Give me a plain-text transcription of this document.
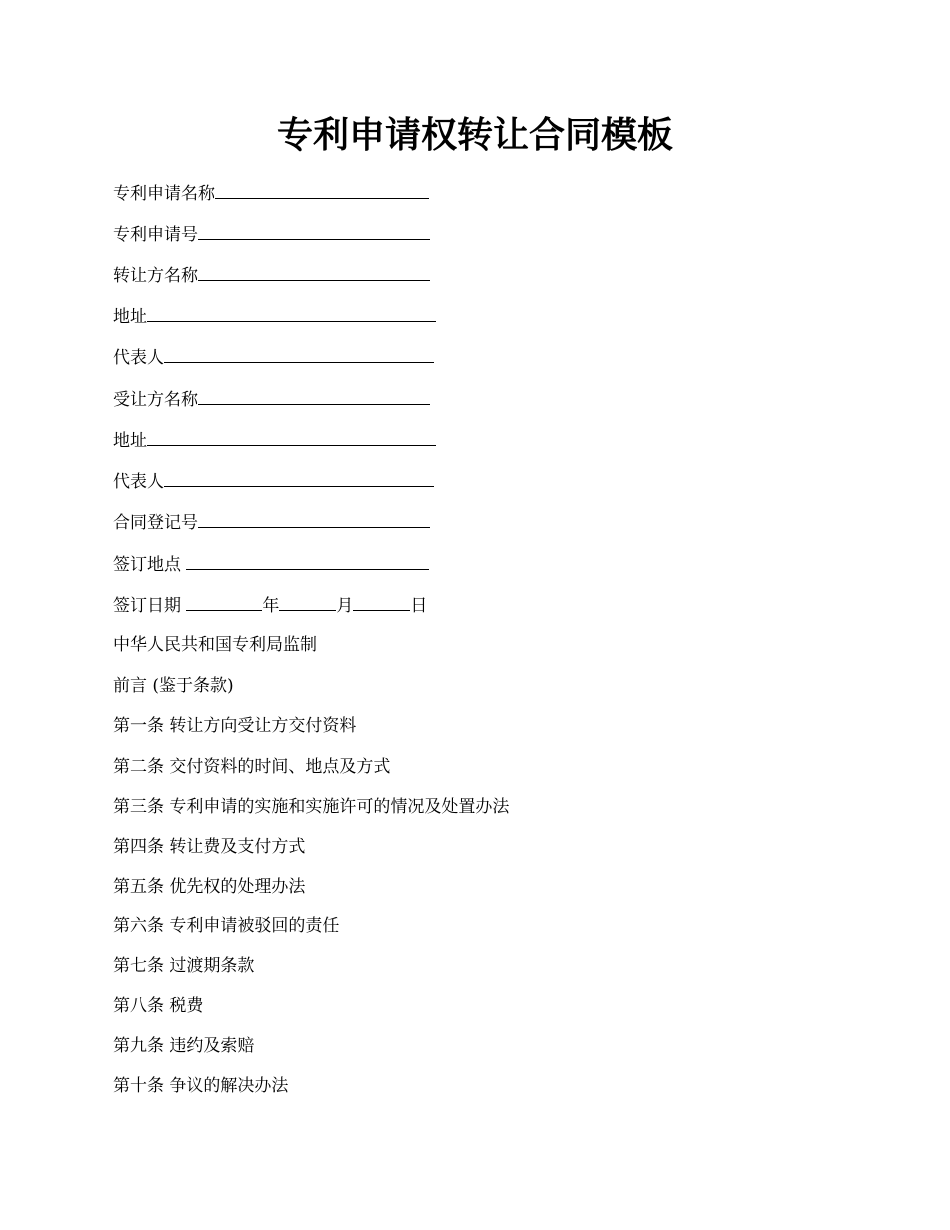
专利申请权转让合同模板
专利申请名称
专利申请号
转让方名称
地址
代表人
受让方名称
地址
代表人
合同登记号
签订地点
签订日期	年	月	日
中华人民共和国专利局监制
前言 (鉴于条款)
第一条 转让方向受让方交付资料
第二条 交付资料的时间、地点及方式
第三条 专利申请的实施和实施许可的情况及处置办法
第四条 转让费及支付方式
第五条 优先权的处理办法
第六条 专利申请被驳回的责任
第七条 过渡期条款
第八条 税费
第九条 违约及索赔
第十条 争议的解决办法
